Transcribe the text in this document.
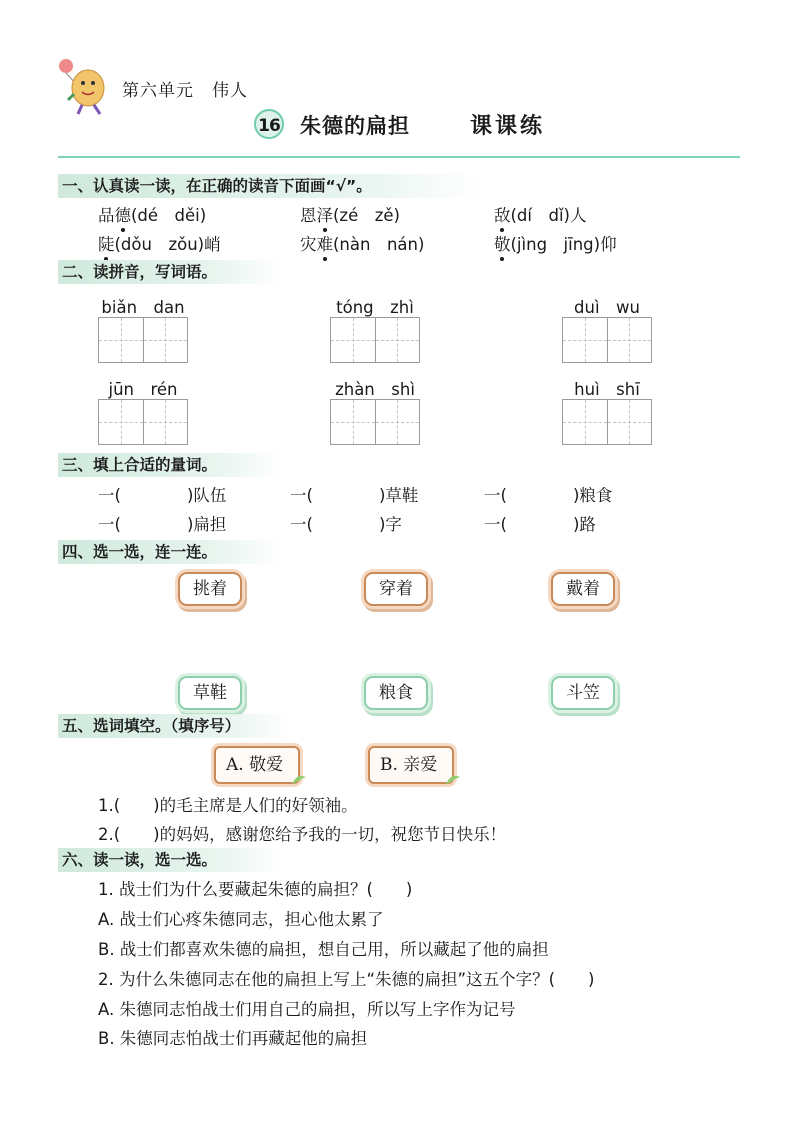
第六单元　伟人
16 朱德的扁担	课课练
一、认真读一读，在正确的读音下面画“√”。
品德(dé　děi)	恩泽(zé　zě)	敌(dí　dǐ)人
陡(dǒu　zǒu)峭	灾难(nàn　nán)	敬(jìng　jīng)仰
二、读拼音，写词语。
biǎn　dan	tóng　zhì	duì　wu
jūn　rén	zhàn　shì	huì　shī
三、填上合适的量词。
一(	)队伍	一(	)草鞋	一(	)粮食
一(	)扁担	一(	)字	一(	)路
四、选一选，连一连。
挑着	穿着	戴着
草鞋	粮食	斗笠
五、选词填空。（填序号）
A. 敬爱	B. 亲爱
1.(　　)的毛主席是人们的好领袖。
2.(　　)的妈妈，感谢您给予我的一切，祝您节日快乐！
六、读一读，选一选。
1. 战士们为什么要藏起朱德的扁担？(　　)
A. 战士们心疼朱德同志，担心他太累了
B. 战士们都喜欢朱德的扁担，想自己用，所以藏起了他的扁担
2. 为什么朱德同志在他的扁担上写上“朱德的扁担”这五个字？(　　)
A. 朱德同志怕战士们用自己的扁担，所以写上字作为记号
B. 朱德同志怕战士们再藏起他的扁担
